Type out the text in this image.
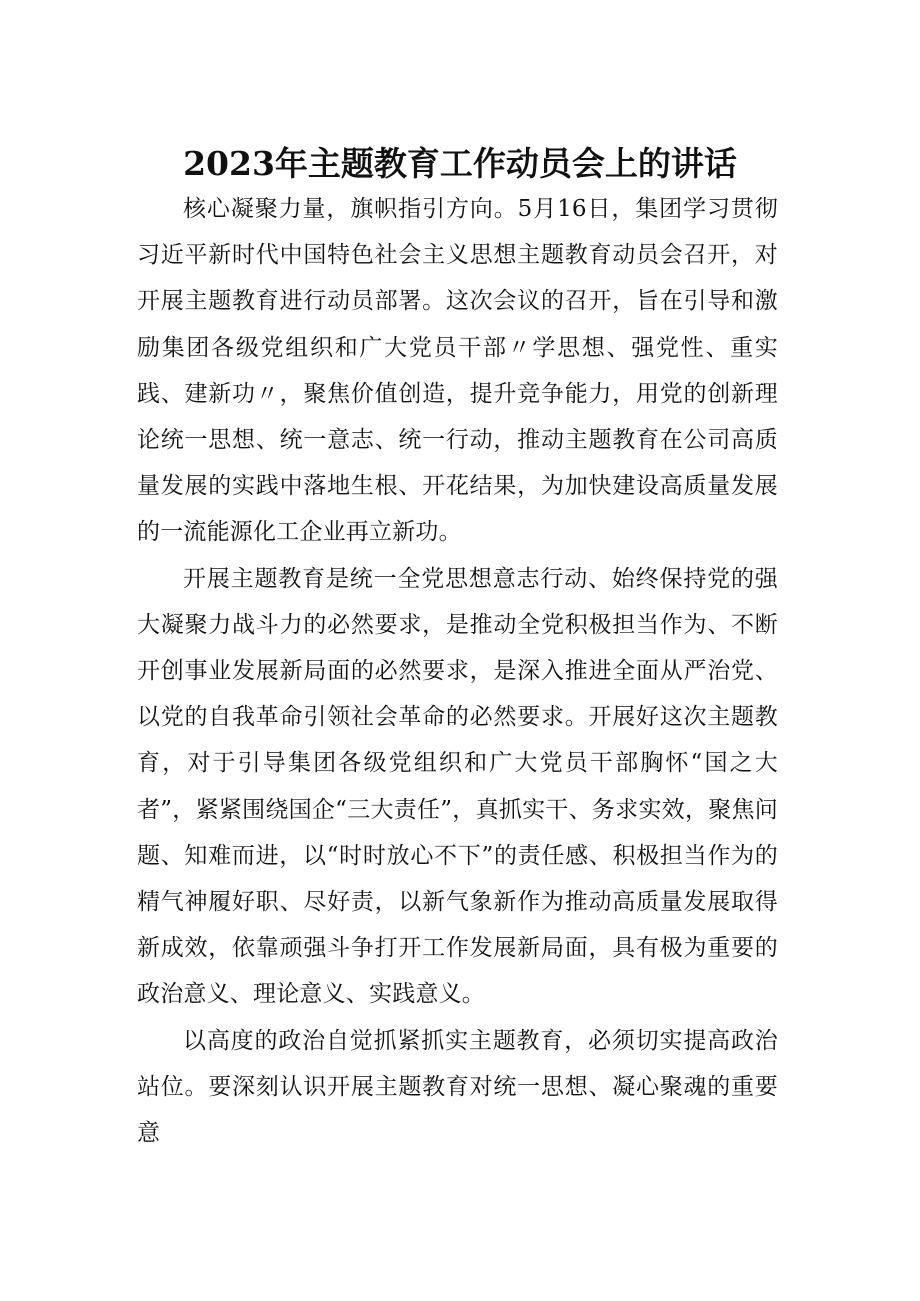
2023年主题教育工作动员会上的讲话

核心凝聚力量，旗帜指引方向。5月16日，集团学习贯彻习近平新时代中国特色社会主义思想主题教育动员会召开，对开展主题教育进行动员部署。这次会议的召开，旨在引导和激励集团各级党组织和广大党员干部〃学思想、强党性、重实践、建新功〃，聚焦价值创造，提升竞争能力，用党的创新理论统一思想、统一意志、统一行动，推动主题教育在公司高质量发展的实践中落地生根、开花结果，为加快建设高质量发展的一流能源化工企业再立新功。

开展主题教育是统一全党思想意志行动、始终保持党的强大凝聚力战斗力的必然要求，是推动全党积极担当作为、不断开创事业发展新局面的必然要求，是深入推进全面从严治党、以党的自我革命引领社会革命的必然要求。开展好这次主题教育，对于引导集团各级党组织和广大党员干部胸怀“国之大者”，紧紧围绕国企“三大责任”，真抓实干、务求实效，聚焦问题、知难而进，以“时时放心不下”的责任感、积极担当作为的精气神履好职、尽好责，以新气象新作为推动高质量发展取得新成效，依靠顽强斗争打开工作发展新局面，具有极为重要的政治意义、理论意义、实践意义。

以高度的政治自觉抓紧抓实主题教育，必须切实提高政治站位。要深刻认识开展主题教育对统一思想、凝心聚魂的重要意
